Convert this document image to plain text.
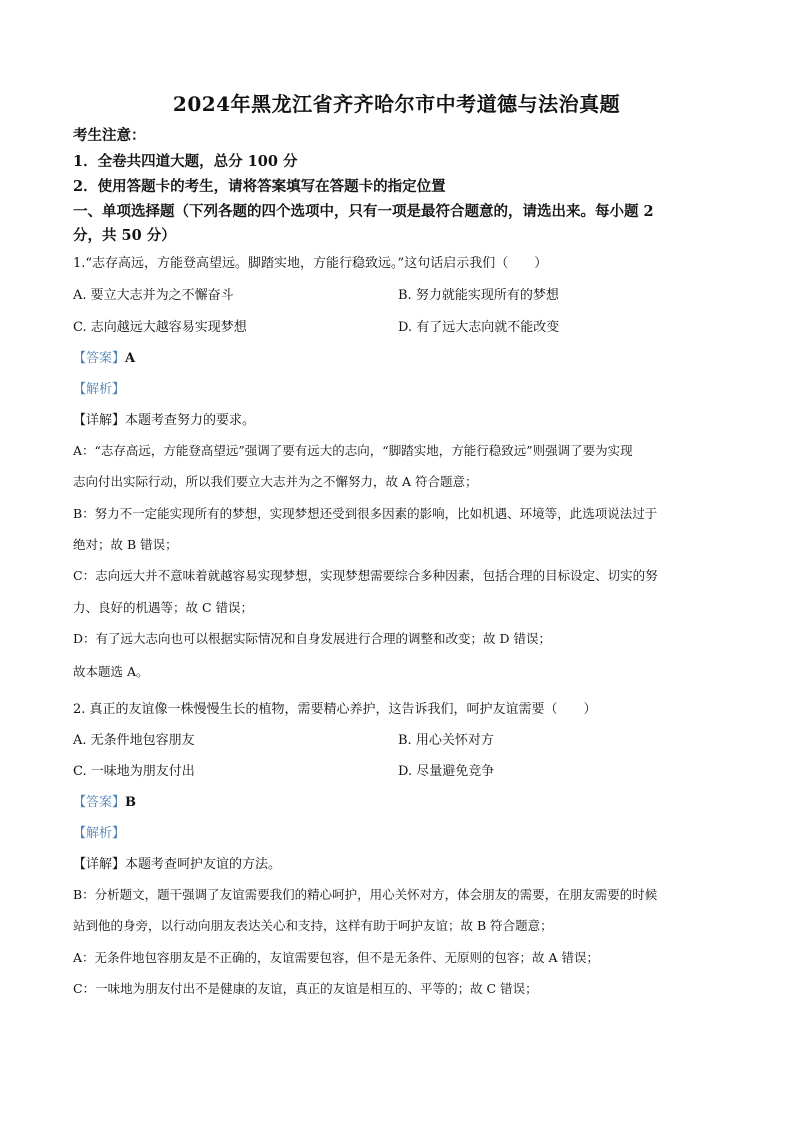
2024年黑龙江省齐齐哈尔市中考道德与法治真题
考生注意：
1．全卷共四道大题，总分 100 分
2．使用答题卡的考生，请将答案填写在答题卡的指定位置
一、单项选择题（下列各题的四个选项中，只有一项是最符合题意的，请选出来。每小题 2
分，共 50 分）
1.“志存高远，方能登高望远。脚踏实地，方能行稳致远。”这句话启示我们（　　）
A. 要立大志并为之不懈奋斗	B. 努力就能实现所有的梦想
C. 志向越远大越容易实现梦想	D. 有了远大志向就不能改变
【答案】A
【解析】
【详解】本题考查努力的要求。
A：“志存高远，方能登高望远”强调了要有远大的志向，“脚踏实地，方能行稳致远”则强调了要为实现
志向付出实际行动，所以我们要立大志并为之不懈努力，故 A 符合题意；
B：努力不一定能实现所有的梦想，实现梦想还受到很多因素的影响，比如机遇、环境等，此选项说法过于
绝对；故 B 错误；
C：志向远大并不意味着就越容易实现梦想，实现梦想需要综合多种因素，包括合理的目标设定、切实的努
力、良好的机遇等；故 C 错误；
D：有了远大志向也可以根据实际情况和自身发展进行合理的调整和改变；故 D 错误；
故本题选 A。
2. 真正的友谊像一株慢慢生长的植物，需要精心养护，这告诉我们，呵护友谊需要（　　）
A. 无条件地包容朋友	B. 用心关怀对方
C. 一味地为朋友付出	D. 尽量避免竞争
【答案】B
【解析】
【详解】本题考查呵护友谊的方法。
B：分析题文，题干强调了友谊需要我们的精心呵护，用心关怀对方，体会朋友的需要，在朋友需要的时候
站到他的身旁，以行动向朋友表达关心和支持，这样有助于呵护友谊；故 B 符合题意；
A：无条件地包容朋友是不正确的，友谊需要包容，但不是无条件、无原则的包容；故 A 错误；
C：一味地为朋友付出不是健康的友谊，真正的友谊是相互的、平等的；故 C 错误；
